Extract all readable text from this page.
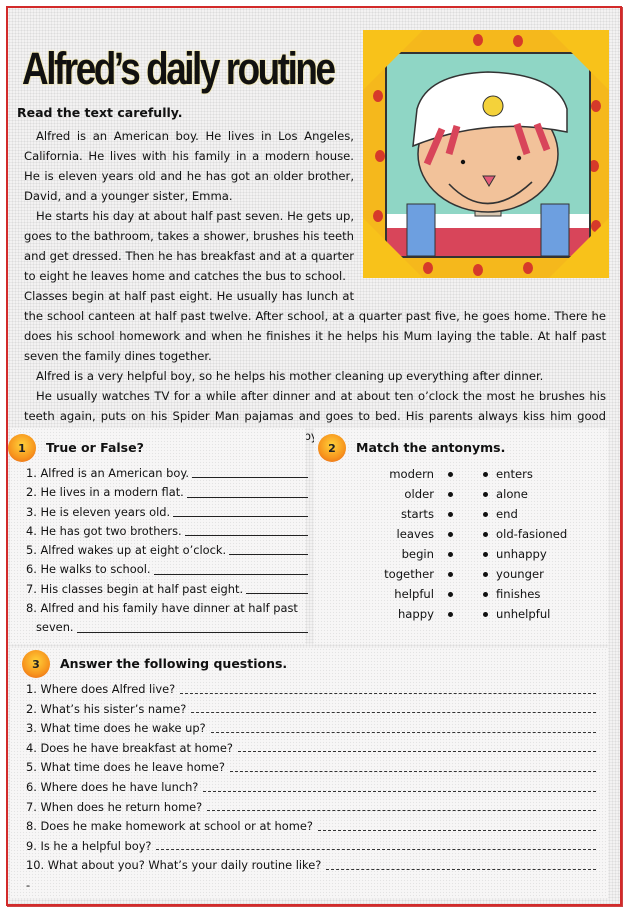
Alfred’s daily routine
Read the text carefully.

Alfred is an American boy. He lives in Los Angeles, California. He lives with his family in a modern house. He is eleven years old and he has got an older brother, David, and a younger sister, Emma.

He starts his day at about half past seven. He gets up, goes to the bathroom, takes a shower, brushes his teeth and get dressed. Then he has breakfast and at a quarter to eight he leaves home and catches the bus to school.

Classes begin at half past eight. He usually has lunch at the school canteen at half past twelve. After school, at a quarter past five, he goes home. There he does his school homework and when he finishes it he helps his Mum laying the table. At half past seven the family dines together.

Alfred is a very helpful boy, so he helps his mother cleaning up everything after dinner.

He usually watches TV for a while after dinner and at about ten o’clock the most he brushes his teeth again, puts on his Spider Man pajamas and goes to bed. His parents always kiss him good

1	True or False?
1. Alfred is an American boy.
2. He lives in a modern flat.
3. He is eleven years old.
4. He has got two brothers.
5. Alfred wakes up at eight o’clock.
6. He walks to school.
7. His classes begin at half past eight.
8. Alfred and his family have dinner at half past
seven.
2	Match the antonyms.
modern	enters
older	alone
starts	end
leaves	old-fasioned
begin	unhappy
together	younger
helpful	finishes
happy	unhelpful
3	Answer the following questions.
1. Where does Alfred live?
2. What’s his sister’s name?
3. What time does he wake up?
4. Does he have breakfast at home?
5. What time does he leave home?
6. Where does he have lunch?
7. When does he return home?
8. Does he make homework at school or at home?
9. Is he a helpful boy?
10. What about you? What’s your daily routine like?
-
